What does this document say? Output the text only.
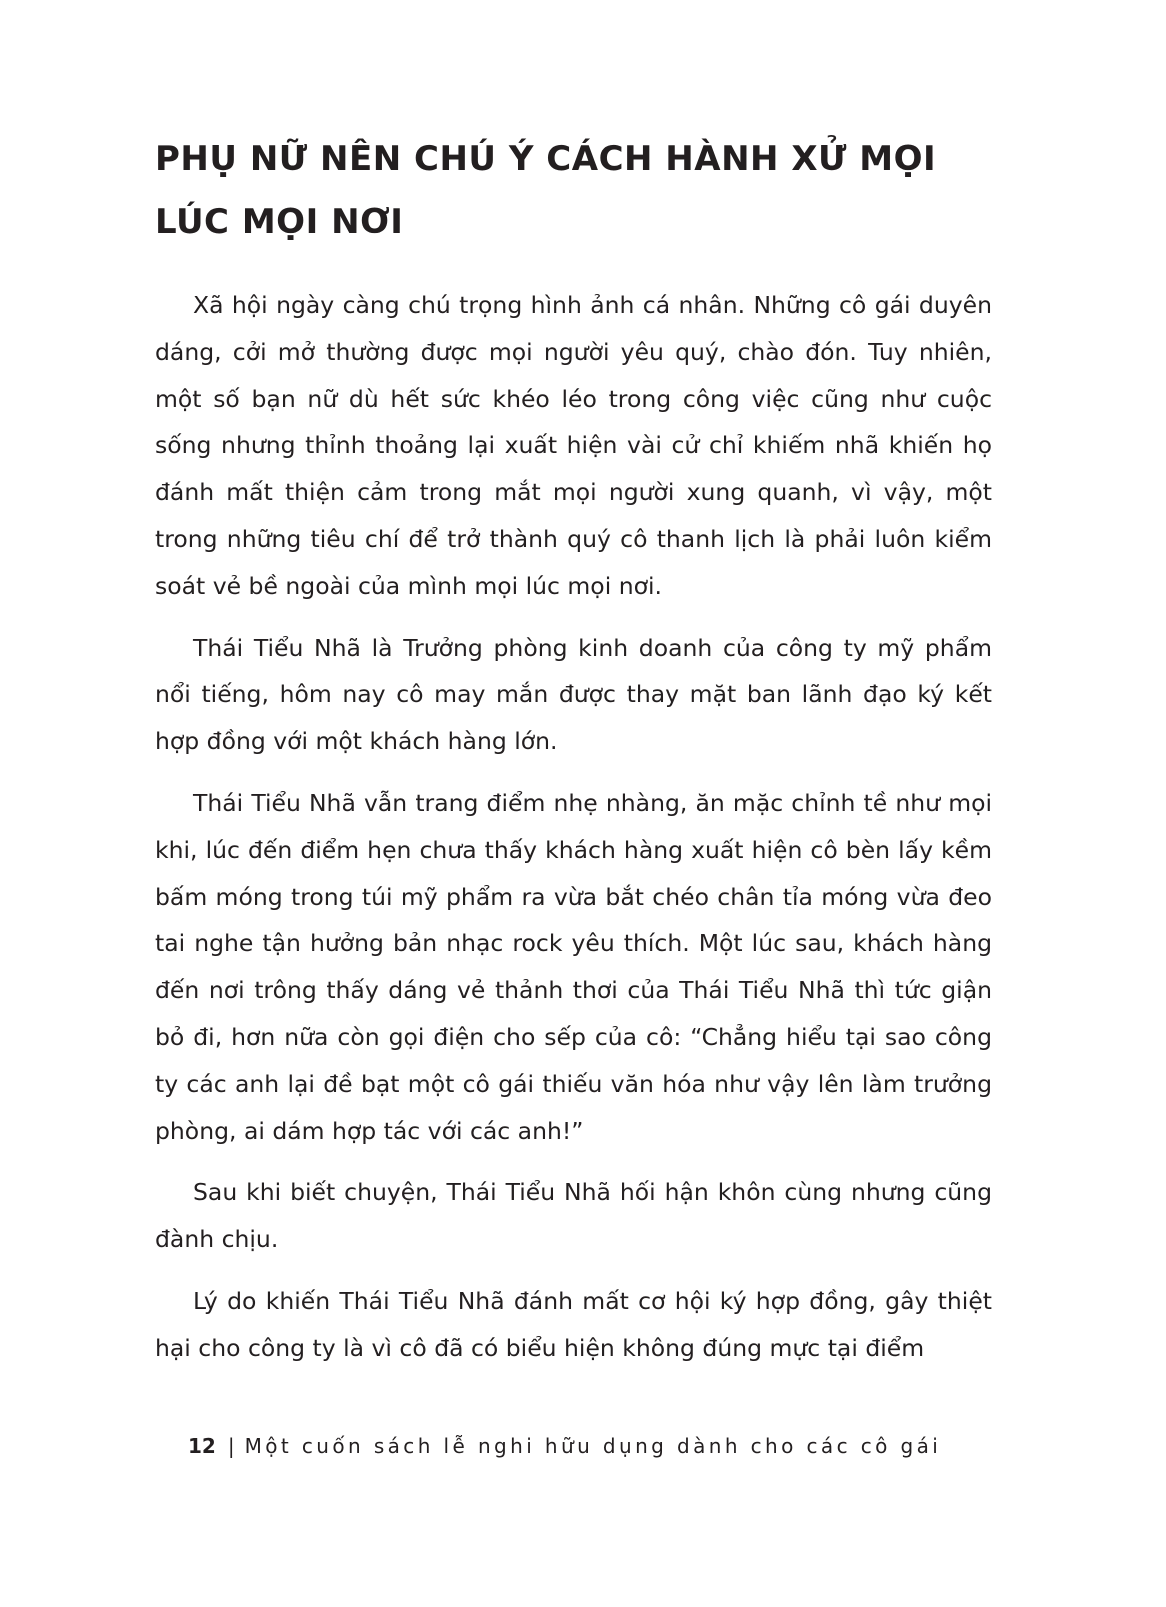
PHỤ NỮ NÊN CHÚ Ý CÁCH HÀNH XỬ MỌI LÚC MỌI NƠI

Xã hội ngày càng chú trọng hình ảnh cá nhân. Những cô gái duyên dáng, cởi mở thường được mọi người yêu quý, chào đón. Tuy nhiên, một số bạn nữ dù hết sức khéo léo trong công việc cũng như cuộc sống nhưng thỉnh thoảng lại xuất hiện vài cử chỉ khiếm nhã khiến họ đánh mất thiện cảm trong mắt mọi người xung quanh, vì vậy, một trong những tiêu chí để trở thành quý cô thanh lịch là phải luôn kiểm soát vẻ bề ngoài của mình mọi lúc mọi nơi.

Thái Tiểu Nhã là Trưởng phòng kinh doanh của công ty mỹ phẩm nổi tiếng, hôm nay cô may mắn được thay mặt ban lãnh đạo ký kết hợp đồng với một khách hàng lớn.

Thái Tiểu Nhã vẫn trang điểm nhẹ nhàng, ăn mặc chỉnh tề như mọi khi, lúc đến điểm hẹn chưa thấy khách hàng xuất hiện cô bèn lấy kềm bấm móng trong túi mỹ phẩm ra vừa bắt chéo chân tỉa móng vừa đeo tai nghe tận hưởng bản nhạc rock yêu thích. Một lúc sau, khách hàng đến nơi trông thấy dáng vẻ thảnh thơi của Thái Tiểu Nhã thì tức giận bỏ đi, hơn nữa còn gọi điện cho sếp của cô: “Chẳng hiểu tại sao công ty các anh lại đề bạt một cô gái thiếu văn hóa như vậy lên làm trưởng phòng, ai dám hợp tác với các anh!”

Sau khi biết chuyện, Thái Tiểu Nhã hối hận khôn cùng nhưng cũng đành chịu.

Lý do khiến Thái Tiểu Nhã đánh mất cơ hội ký hợp đồng, gây thiệt hại cho công ty là vì cô đã có biểu hiện không đúng mực tại điểm

12 | Một cuốn sách lễ nghi hữu dụng dành cho các cô gái
